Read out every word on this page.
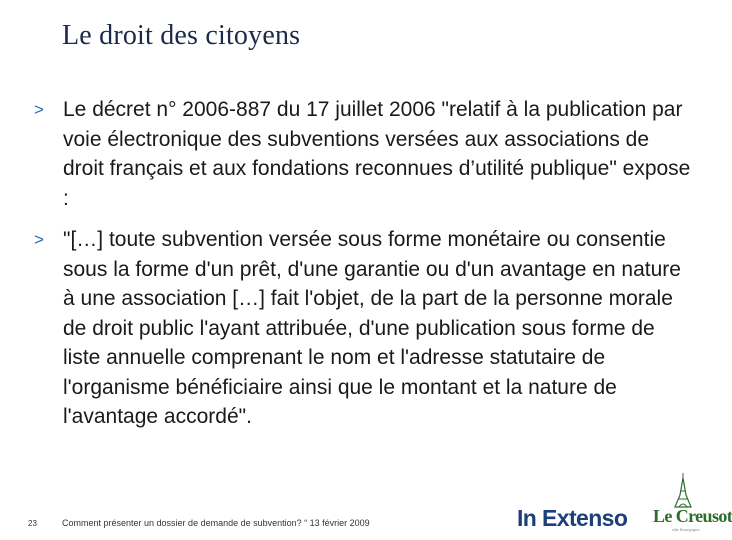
Le droit des citoyens
> Le décret n° 2006-887 du 17 juillet 2006 "relatif à la publication par voie électronique des subventions versées aux associations de droit français et aux fondations reconnues d’utilité publique" expose :
> "[…] toute subvention versée sous forme monétaire ou consentie sous la forme d'un prêt, d'une garantie ou d'un avantage en nature à une association […] fait l'objet, de la part de la personne morale de droit public l'ayant attribuée, d'une publication sous forme de liste annuelle comprenant le nom et l'adresse statutaire de l'organisme bénéficiaire ainsi que le montant et la nature de l'avantage accordé".
23	Comment présenter un dossier de demande de subvention? “ 13 février 2009	In Extenso Le Creusot
ville Bourgogne
